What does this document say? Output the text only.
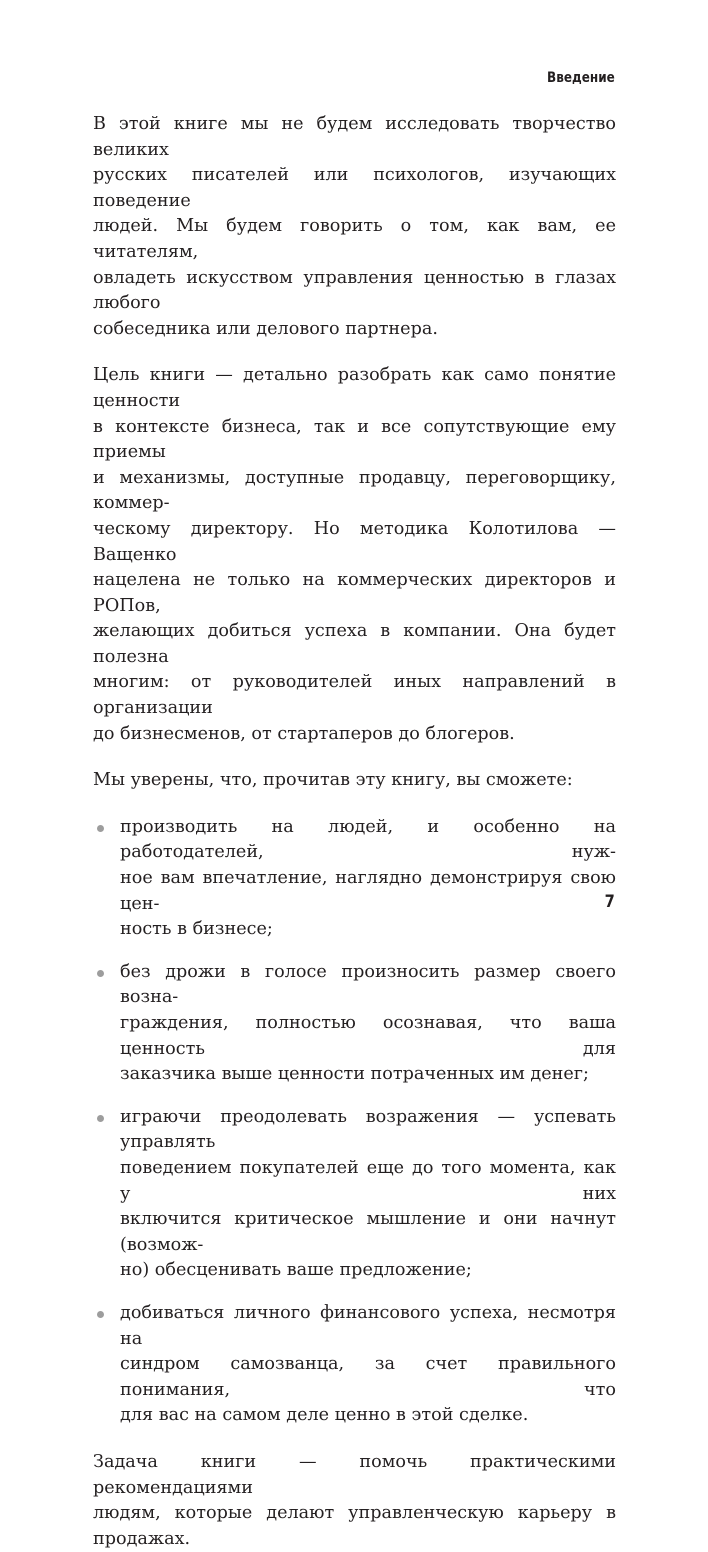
Введение

В этой книге мы не будем исследовать творчество великих
русских писателей или психологов, изучающих поведение
людей. Мы будем говорить о том, как вам, ее читателям,
овладеть искусством управления ценностью в глазах любого
собеседника или делового партнера.

Цель книги — детально разобрать как само понятие ценности
в контексте бизнеса, так и все сопутствующие ему приемы
и механизмы, доступные продавцу, переговорщику, коммер-
ческому директору. Но методика Колотилова — Ващенко
нацелена не только на коммерческих директоров и РОПов,
желающих добиться успеха в компании. Она будет полезна
многим: от руководителей иных направлений в организации
до бизнесменов, от стартаперов до блогеров.

Мы уверены, что, прочитав эту книгу, вы сможете:

производить на людей, и особенно на работодателей, нуж-
ное вам впечатление, наглядно демонстрируя свою цен-
ность в бизнесе;
без дрожи в голосе произносить размер своего возна-
граждения, полностью осознавая, что ваша ценность для
заказчика выше ценности потраченных им денег;
играючи преодолевать возражения — успевать управлять
поведением покупателей еще до того момента, как у них
включится критическое мышление и они начнут (возмож-
но) обесценивать ваше предложение;
добиваться личного финансового успеха, несмотря на
синдром самозванца, за счет правильного понимания, что
для вас на самом деле ценно в этой сделке.

Задача книги — помочь практическими рекомендациями
людям, которые делают управленческую карьеру в продажах.

7
